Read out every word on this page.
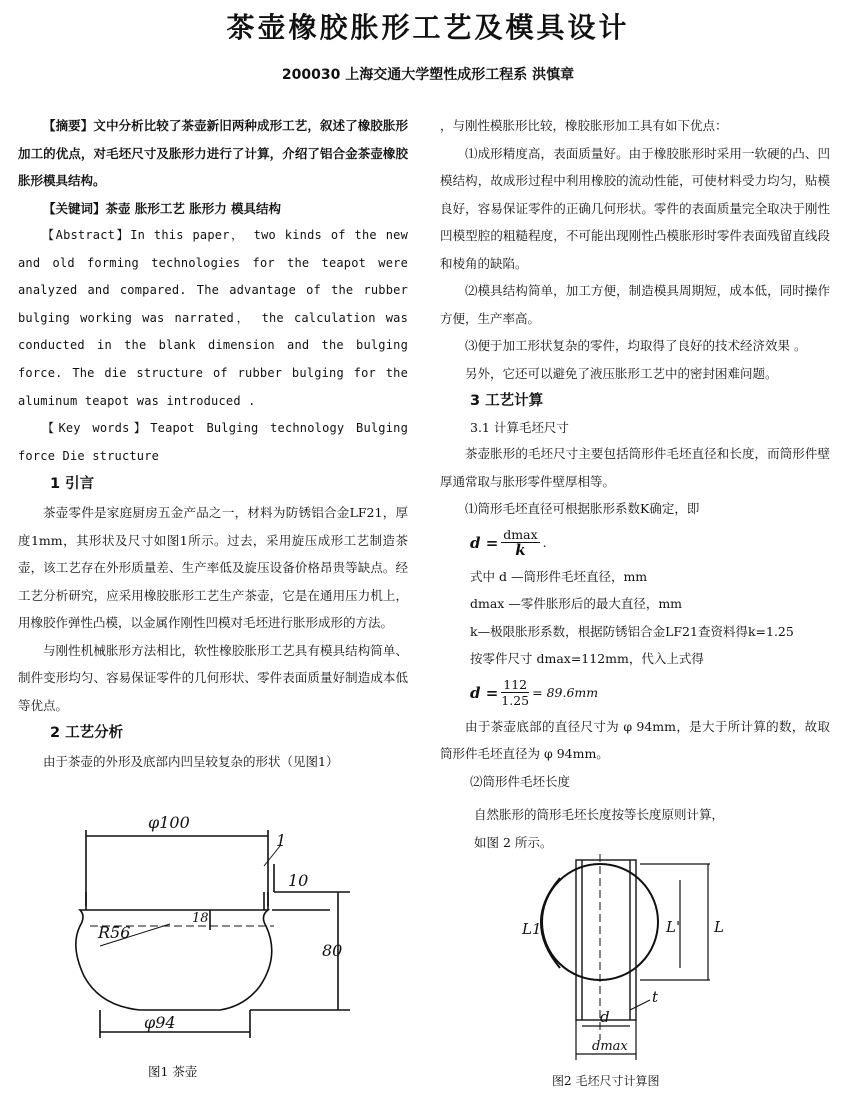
茶壶橡胶胀形工艺及模具设计
200030 上海交通大学塑性成形工程系 洪慎章
【摘要】文中分析比较了茶壶新旧两种成形工艺，叙述了橡胶胀形加工的优点，对毛坯尺寸及胀形力进行了计算，介绍了铝合金茶壶橡胶胀形模具结构。
【关键词】茶壶 胀形工艺 胀形力 模具结构
【Abstract】In this paper， two kinds of the new and old forming technologies for the teapot were analyzed and compared. The advantage of the rubber bulging working was narrated， the calculation was conducted in the blank dimension and the bulging force. The die structure of rubber bulging for the aluminum teapot was introduced .
【Key words】Teapot Bulging technology Bulging force Die structure
1 引言
茶壶零件是家庭厨房五金产品之一，材料为防锈铝合金LF21，厚度1mm，其形状及尺寸如图1所示。过去，采用旋压成形工艺制造茶壶，该工艺存在外形质量差、生产率低及旋压设备价格昂贵等缺点。经工艺分析研究，应采用橡胶胀形工艺生产茶壶，它是在通用压力机上，用橡胶作弹性凸模，以金属作刚性凹模对毛坯进行胀形成形的方法。
与刚性机械胀形方法相比，软性橡胶胀形工艺具有模具结构简单、制件变形均匀、容易保证零件的几何形状、零件表面质量好制造成本低等优点。
2 工艺分析
由于茶壶的外形及底部内凹呈较复杂的形状（见图1）
φ100
1
10
18
R56
80
φ94
图1 茶壶
，与刚性模胀形比较，橡胶胀形加工具有如下优点：
⑴成形精度高，表面质量好。由于橡胶胀形时采用一软硬的凸、凹模结构，故成形过程中利用橡胶的流动性能，可使材料受力均匀，贴模良好，容易保证零件的正确几何形状。零件的表面质量完全取决于刚性凹模型腔的粗糙程度，不可能出现刚性凸模胀形时零件表面残留直线段和棱角的缺陷。
⑵模具结构简单，加工方便，制造模具周期短，成本低，同时操作方便，生产率高。
⑶便于加工形状复杂的零件，均取得了良好的技术经济效果 。
另外，它还可以避免了液压胀形工艺中的密封困难问题。
3 工艺计算
3.1 计算毛坯尺寸
茶壶胀形的毛坯尺寸主要包括筒形件毛坯直径和长度，而筒形件壁厚通常取与胀形零件壁厚相等。
⑴筒形毛坯直径可根据胀形系数K确定，即
$d = \frac{dmax}{k}$ .
式中 d —筒形件毛坯直径，mm
dmax —零件胀形后的最大直径，mm
k—极限胀形系数，根据防锈铝合金LF21查资料得k=1.25
按零件尺寸 dmax=112mm，代入上式得
$d = \frac{112}{1.25} = 89.6mm$
由于茶壶底部的直径尺寸为 φ 94mm，是大于所计算的数，故取筒形件毛坯直径为 φ 94mm。
⑵筒形件毛坯长度
自然胀形的筒形毛坯长度按等长度原则计算，
如图 2 所示。
L1	L' L
t
d
dmax
图2 毛坯尺寸计算图
